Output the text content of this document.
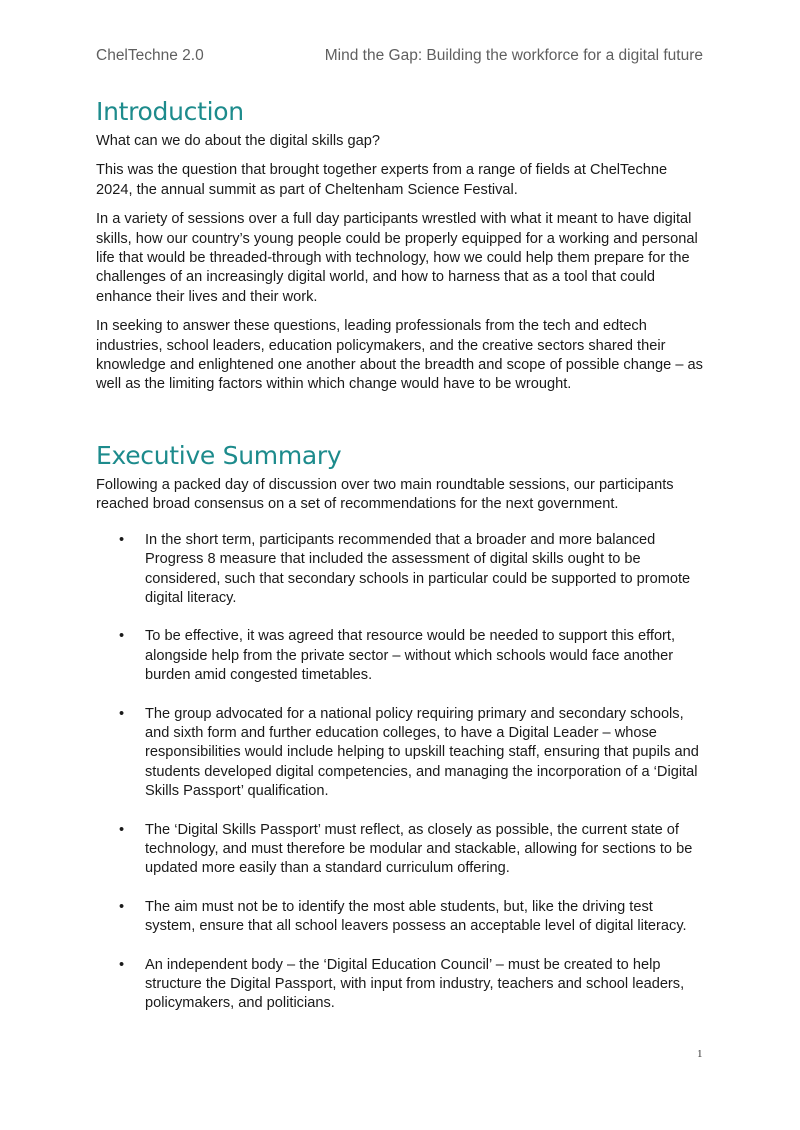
ChelTechne 2.0	Mind the Gap: Building the workforce for a digital future
Introduction

What can we do about the digital skills gap?

This was the question that brought together experts from a range of fields at ChelTechne 2024, the annual summit as part of Cheltenham Science Festival.

In a variety of sessions over a full day participants wrestled with what it meant to have digital skills, how our country’s young people could be properly equipped for a working and personal life that would be threaded-through with technology, how we could help them prepare for the challenges of an increasingly digital world, and how to harness that as a tool that could enhance their lives and their work.

In seeking to answer these questions, leading professionals from the tech and edtech industries, school leaders, education policymakers, and the creative sectors shared their knowledge and enlightened one another about the breadth and scope of possible change – as well as the limiting factors within which change would have to be wrought.

Executive Summary

Following a packed day of discussion over two main roundtable sessions, our participants reached broad consensus on a set of recommendations for the next government.

• In the short term, participants recommended that a broader and more balanced Progress 8 measure that included the assessment of digital skills ought to be considered, such that secondary schools in particular could be supported to promote digital literacy.
• To be effective, it was agreed that resource would be needed to support this effort, alongside help from the private sector – without which schools would face another burden amid congested timetables.
• The group advocated for a national policy requiring primary and secondary schools, and sixth form and further education colleges, to have a Digital Leader – whose responsibilities would include helping to upskill teaching staff, ensuring that pupils and students developed digital competencies, and managing the incorporation of a ‘Digital Skills Passport’ qualification.
• The ‘Digital Skills Passport’ must reflect, as closely as possible, the current state of technology, and must therefore be modular and stackable, allowing for sections to be updated more easily than a standard curriculum offering.
• The aim must not be to identify the most able students, but, like the driving test system, ensure that all school leavers possess an acceptable level of digital literacy.
• An independent body – the ‘Digital Education Council’ – must be created to help structure the Digital Passport, with input from industry, teachers and school leaders, policymakers, and politicians.
1
